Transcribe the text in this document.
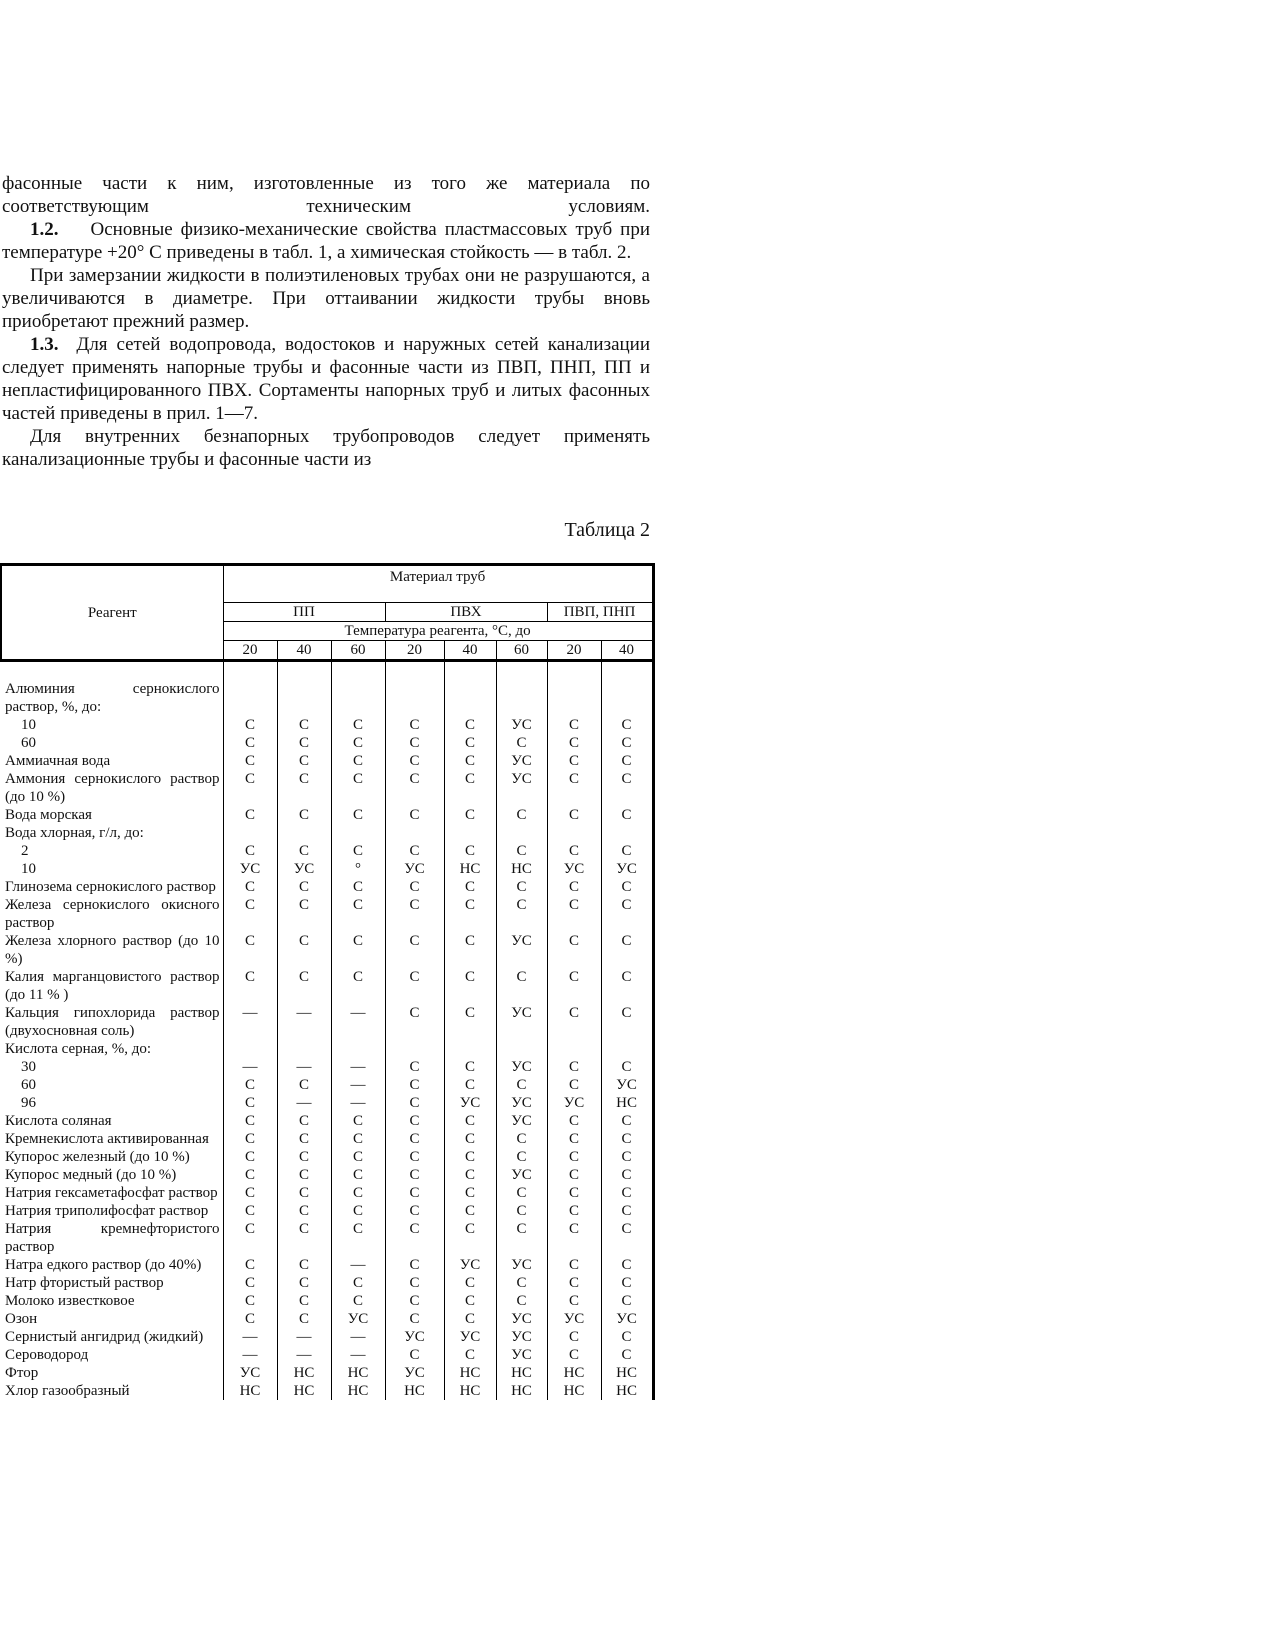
фасонные части к ним, изготовленные из того же материала по соответствующим техническим условиям.

1.2. Основные физико-механические свойства пластмассовых труб при температуре +20° С приведены в табл. 1, а химическая стойкость — в табл. 2.

При замерзании жидкости в полиэтиленовых трубах они не разрушаются, а увеличиваются в диаметре. При оттаивании жидкости трубы вновь приобретают прежний размер.

1.3. Для сетей водопровода, водостоков и наружных сетей канализации следует применять напорные трубы и фасонные части из ПВП, ПНП, ПП и непластифицированного ПВХ. Сортаменты напорных труб и литых фасонных частей приведены в прил. 1—7.

Для внутренних безнапорных трубопроводов следует применять канализационные трубы и фасонные части из

Таблица 2
Реагент	Материал труб							
	ПП			ПВХ			ПВП, ПНП	
	Температура реагента, °С, до							
	20	40	60	20	40	60	20	40

Алюминия сернокислого раствор, %, до:								
10	С	С	С	С	С	УС	С	С
60	С	С	С	С	С	С	С	С
Аммиачная вода	С	С	С	С	С	УС	С	С
Аммония сернокислого раствор (до 10 %)	С	С	С	С	С	УС	С	С
Вода морская	С	С	С	С	С	С	С	С
Вода хлорная, г/л, до:								
2	С	С	С	С	С	С	С	С
10	УС	УС	°	УС	НС	НС	УС	УС
Глинозема сернокислого раствор	С	С	С	С	С	С	С	С
Железа сернокислого окисного раствор	С	С	С	С	С	С	С	С
Железа хлорного раствор (до 10 %)	С	С	С	С	С	УС	С	С
Калия марганцовистого раствор (до 11 % )	С	С	С	С	С	С	С	С
Кальция гипохлорида раствор (двухосновная соль)	—	—	—	С	С	УС	С	С
Кислота серная, %, до:								
30	—	—	—	С	С	УС	С	С
60	С	С	—	С	С	С	С	УС
96	С	—	—	С	УС	УС	УС	НС
Кислота соляная	С	С	С	С	С	УС	С	С
Кремнекислота активированная	С	С	С	С	С	С	С	С
Купорос железный (до 10 %)	С	С	С	С	С	С	С	С
Купорос медный (до 10 %)	С	С	С	С	С	УС	С	С
Натрия гексаметафосфат раствор	С	С	С	С	С	С	С	С
Натрия триполифосфат раствор	С	С	С	С	С	С	С	С
Натрия кремнефтористого раствор	С	С	С	С	С	С	С	С
Натра едкого раствор (до 40%)	С	С	—	С	УС	УС	С	С
Натр фтористый раствор	С	С	С	С	С	С	С	С
Молоко известковое	С	С	С	С	С	С	С	С
Озон	С	С	УС	С	С	УС	УС	УС
Сернистый ангидрид (жидкий)	—	—	—	УС	УС	УС	С	С
Сероводород	—	—	—	С	С	УС	С	С
Фтор	УС	НС	НС	УС	НС	НС	НС	НС
Хлор газообразный	НС	НС	НС	НС	НС	НС	НС	НС
